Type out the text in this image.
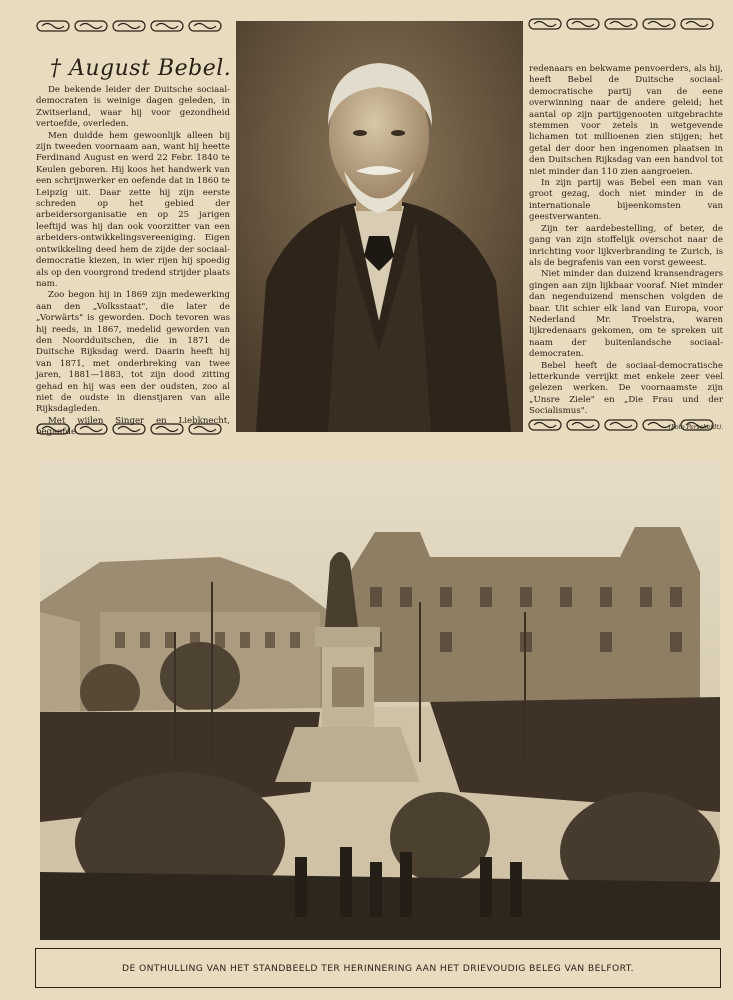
† August Bebel.

De bekende leider der Duitsche sociaal-democraten is weinige dagen geleden, in Zwitserland, waar hij voor gezondheid vertoefde, overleden.

Men duidde hem gewoonlijk alleen bij zijn tweeden voornaam aan, want hij heette Ferdinand August en werd 22 Febr. 1840 te Keulen geboren. Hij koos het handwerk van een schrijnwerker en oefende dat in 1860 te Leipzig uit. Daar zette hij zijn eerste schreden op het gebied der arbeidersorganisatie en op 25 jarigen leeftijd was hij dan ook voorzitter van een arbeiders-ontwikkelingsvereeniging. Eigen ontwikkeling deed hem de zijde der sociaal-democratie kiezen, in wier rijen hij spoedig als op den voorgrond tredend strijder plaats nam.

Zoo begon hij in 1869 zijn medewerking aan den „Volksstaat", die later de „Vorwärts" is geworden. Doch tevoren was hij reeds, in 1867, medelid geworden van den Noordduitschen, die in 1871 de Duitsche Rijksdag werd. Daarin heeft hij van 1871, met onderbreking van twee jaren, 1881—1883, tot zijn dood zitting gehad en hij was een der oudsten, zoo al niet de oudste in dienstjaren van alle Rijksdagleden.

Met wijlen Singer en Liebknecht, begaafde

redenaars en bekwame penvoerders, als hij, heeft Bebel de Duitsche sociaal-democratische partij van de eene overwinning naar de andere geleid; het aantal op zijn partijgenooten uitgebrachte stemmen voor zetels in wetgevende lichamen tot millioenen zien stijgen; het getal der door hen ingenomen plaatsen in den Duitschen Rijksdag van een handvol tot niet minder dan 110 zien aangroeien.

In zijn partij was Bebel een man van groot gezag, doch niet minder in de internationale bijeenkomsten van geestverwanten.

Zijn ter aardebestelling, of beter, de gang van zijn stoffelijk overschot naar de inrichting voor lijkverbranding te Zurich, is als de begrafenis van een vorst geweest.

Niet minder dan duizend kransendragers gingen aan zijn lijkbaar vooraf. Niet minder dan negenduizend menschen volgden de baar. Uit schier elk land van Europa, voor Nederland Mr. Troelstra, waren lijkredenaars gekomen, om te spreken uit naam der buitenlandsche sociaal-democraten.

Bebel heeft de sociaal-democratische letterkunde verrijkt met enkele zeer veel gelezen werken. De voornaamste zijn „Unsre Ziele" en „Die Frau und der Socialismus".

(Foto Perscheidt).
DE ONTHULLING VAN HET STANDBEELD TER HERINNERING AAN HET DRIEVOUDIG BELEG VAN BELFORT.
